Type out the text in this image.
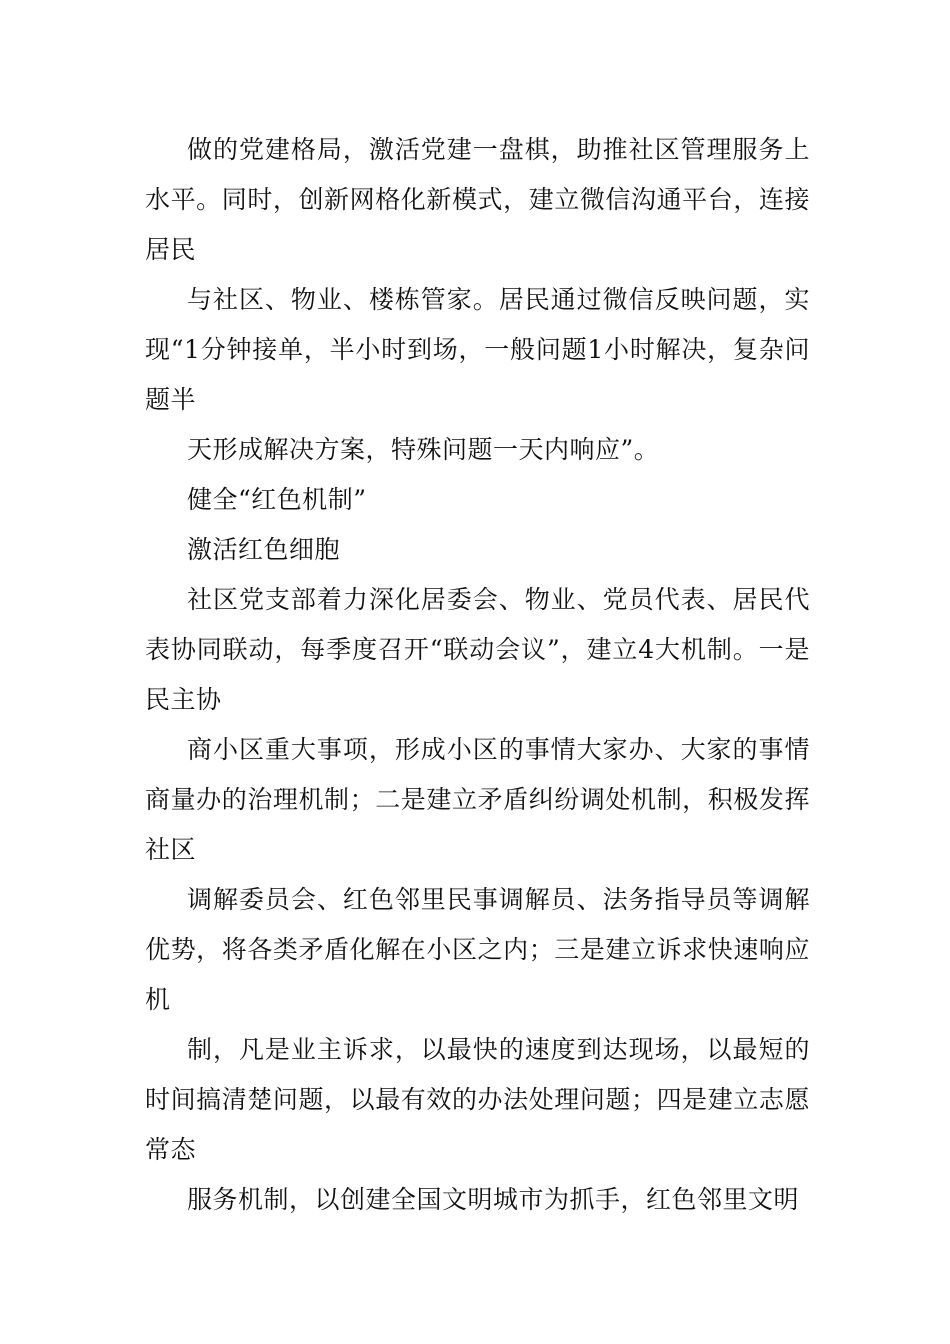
做的党建格局，激活党建一盘棋，助推社区管理服务上水平。同时，创新网格化新模式，建立微信沟通平台，连接居民

与社区、物业、楼栋管家。居民通过微信反映问题，实现“1分钟接单，半小时到场，一般问题1小时解决，复杂问题半

天形成解决方案，特殊问题一天内响应”。

健全“红色机制”

激活红色细胞

社区党支部着力深化居委会、物业、党员代表、居民代表协同联动，每季度召开“联动会议”，建立4大机制。一是民主协

商小区重大事项，形成小区的事情大家办、大家的事情商量办的治理机制；二是建立矛盾纠纷调处机制，积极发挥社区

调解委员会、红色邻里民事调解员、法务指导员等调解优势，将各类矛盾化解在小区之内；三是建立诉求快速响应机

制，凡是业主诉求，以最快的速度到达现场，以最短的时间搞清楚问题，以最有效的办法处理问题；四是建立志愿常态

服务机制，以创建全国文明城市为抓手，红色邻里文明
